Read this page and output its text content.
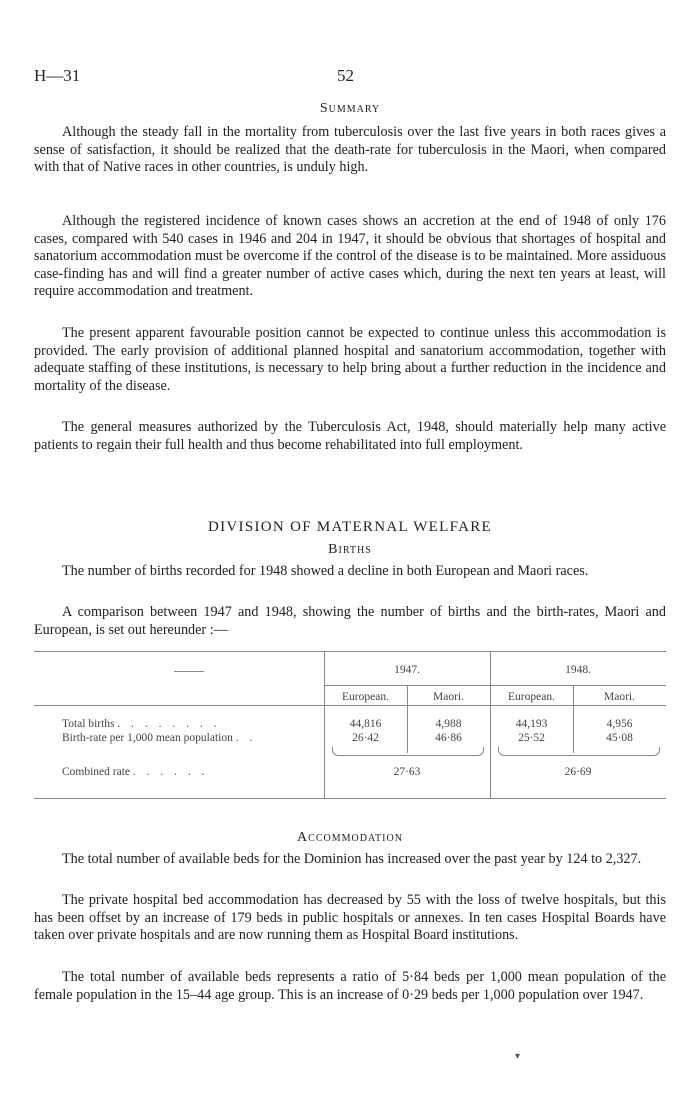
H—31	52
Summary

Although the steady fall in the mortality from tuberculosis over the last five years in both races gives a sense of satisfaction, it should be realized that the death-rate for tuberculosis in the Maori, when compared with that of Native races in other countries, is unduly high.

Although the registered incidence of known cases shows an accretion at the end of 1948 of only 176 cases, compared with 540 cases in 1946 and 204 in 1947, it should be obvious that shortages of hospital and sanatorium accommodation must be overcome if the control of the disease is to be maintained. More assiduous case-finding has and will find a greater number of active cases which, during the next ten years at least, will require accommodation and treatment.

The present apparent favourable position cannot be expected to continue unless this accommodation is provided. The early provision of additional planned hospital and sanatorium accommodation, together with adequate staffing of these institutions, is necessary to help bring about a further reduction in the incidence and mortality of the disease.

The general measures authorized by the Tuberculosis Act, 1948, should materially help many active patients to regain their full health and thus become rehabilitated into full employment.

DIVISION OF MATERNAL WELFARE
Births

The number of births recorded for 1948 showed a decline in both European and Maori races.

A comparison between 1947 and 1948, showing the number of births and the birth-rates, Maori and European, is set out hereunder :—

1947.	1948.
European.	Maori.	European.	Maori.
Total births . . . . . . . .	44,816	4,988	44,193	4,956
Birth-rate per 1,000 mean population . .	26·42	46·86	25·52	45·08
Combined rate . . . . . .	27·63	26·69
Accommodation

The total number of available beds for the Dominion has increased over the past year by 124 to 2,327.

The private hospital bed accommodation has decreased by 55 with the loss of twelve hospitals, but this has been offset by an increase of 179 beds in public hospitals or annexes. In ten cases Hospital Boards have taken over private hospitals and are now running them as Hospital Board institutions.

The total number of available beds represents a ratio of 5·84 beds per 1,000 mean population of the female population in the 15–44 age group. This is an increase of 0·29 beds per 1,000 population over 1947.

▾
